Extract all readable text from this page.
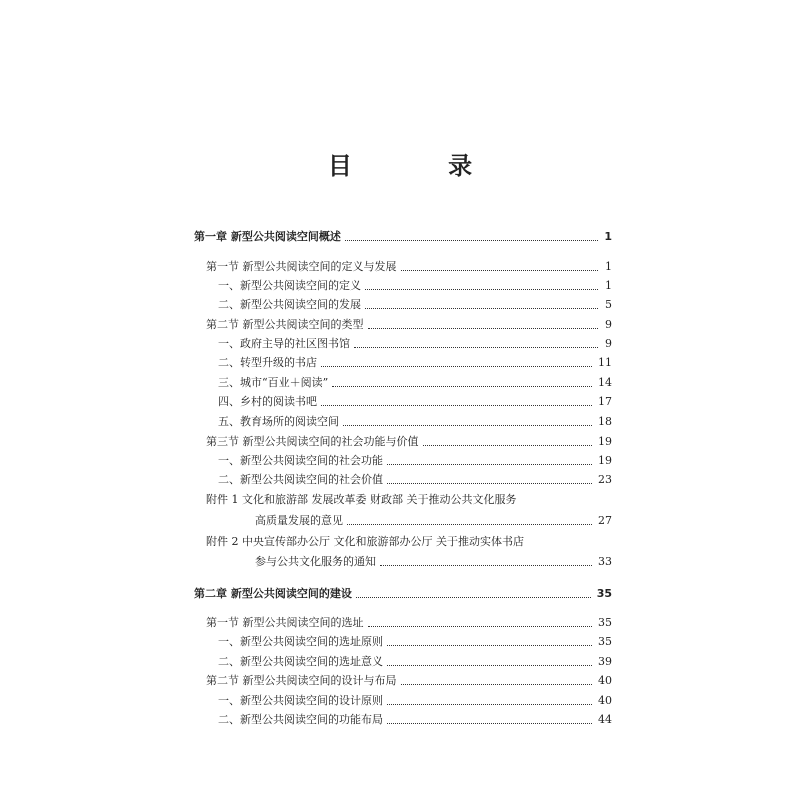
目 录
第一章 新型公共阅读空间概述	1
第一节 新型公共阅读空间的定义与发展	1
一、新型公共阅读空间的定义	1
二、新型公共阅读空间的发展	5
第二节 新型公共阅读空间的类型	9
一、政府主导的社区图书馆	9
二、转型升级的书店	11
三、城市“百业＋阅读”	14
四、乡村的阅读书吧	17
五、教育场所的阅读空间	18
第三节 新型公共阅读空间的社会功能与价值	19
一、新型公共阅读空间的社会功能	19
二、新型公共阅读空间的社会价值	23
附件 1 文化和旅游部 发展改革委 财政部 关于推动公共文化服务
高质量发展的意见	27
附件 2 中央宣传部办公厅 文化和旅游部办公厅 关于推动实体书店
参与公共文化服务的通知	33
第二章 新型公共阅读空间的建设	35
第一节 新型公共阅读空间的选址	35
一、新型公共阅读空间的选址原则	35
二、新型公共阅读空间的选址意义	39
第二节 新型公共阅读空间的设计与布局	40
一、新型公共阅读空间的设计原则	40
二、新型公共阅读空间的功能布局	44
